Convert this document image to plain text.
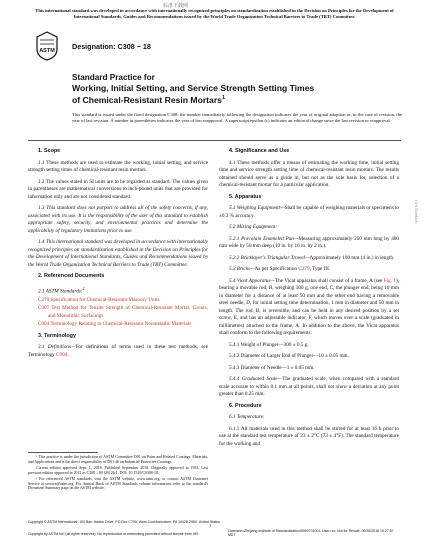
标准下载网
This international standard was developed in accordance with internationally recognized principles on standardization established in the Decision on Principles for the Development of International Standards, Guides and Recommendations issued by the World Trade Organization Technical Barriers to Trade (TBT) Committee.
ASTM Designation: C308 − 18
Standard Practice for
Working, Initial Setting, and Service Strength Setting Times
of Chemical-Resistant Resin Mortars$^1$
This standard is issued under the fixed designation C308; the number immediately following the designation indicates the year of original adoption or, in the case of revision, the year of last revision. A number in parentheses indicates the year of last reapproval. A superscript epsilon (ε) indicates an editorial change since the last revision or reapproval.
1. Scope

1.1 These methods are used to estimate the working, initial setting, and service strength setting times of chemical-resistant resin mortars.

1.2 The values stated in SI units are to be regarded as standard. The values given in parentheses are mathematical conversions to inch-pound units that are provided for information only and are not considered standard.

1.3 This standard does not purport to address all of the safety concerns, if any, associated with its use. It is the responsibility of the user of this standard to establish appropriate safety, security, and environmental practices and determine the applicability of regulatory limitations prior to use.

1.4 This international standard was developed in accordance with internationally recognized principles on standardization established in the Decision on Principles for the Development of International Standards, Guides and Recommendations issued by the World Trade Organization Technical Barriers to Trade (TBT) Committee.

2. Referenced Documents

2.1 ASTM Standards:$^2$

C279 Specification for Chemical-Resistant Masonry Units
C307 Test Method for Tensile Strength of Chemical-Resistant Mortar, Grouts, and Monolithic Surfacings
C904 Terminology Relating to Chemical-Resistant Nonmetallic Materials
3. Terminology

3.1 Definitions—For definitions of terms used in these test methods, see Terminology C904.

¹ This practice is under the jurisdiction of ASTM Committee D01 on Paint and Related Coatings, Materials, and Applications and is the direct responsibility of D01.46 on Industrial Protective Coatings.

Current edition approved Sept. 1, 2018. Published September 2018. Originally approved in 1953. Last previous edition approved in 2012 as C308 – 00 (2012)ε1. DOI: 10.1520/C0308-18.

² For referenced ASTM standards, visit the ASTM website, www.astm.org, or contact ASTM Customer Service at service@astm.org. For Annual Book of ASTM Standards volume information, refer to the standard's Document Summary page on the ASTM website.

4. Significance and Use

4.1 These methods offer a means of estimating the working time, initial setting time and service strength setting time of chemical-resistant resin mortars. The results obtained should serve as a guide in, but not as the sole basis for, selection of a chemical-resistant mortar for a particular application.

5. Apparatus

5.1 Weighing Equipment—Shall be capable of weighing materials or specimens to ±0.3 % accuracy.

5.2 Mixing Equipment:

5.2.1 Porcelain Enameled Pan—Measuring approximately 250 mm long by 400 mm wide by 50 mm deep (10 in. by 16 in. by 2 in.).

5.2.2 Bricklayer's Triangular Trowel—Approximately 100 mm (4 in.) in length.

5.3 Bricks—As per Specification C279, Type III.

5.4 Vicat Apparatus—The Vicat apparatus shall consist of a frame, A (see Fig. 1), bearing a movable rod, B, weighing 300 g, one end, C, the plunger end, being 10 mm in diameter for a distance of at least 50 mm and the other end having a removable steel needle, D, for initial setting time determination, 1 mm in diameter and 50 mm in length. The rod, B, is reversible, and can be held in any desired position by a set screw, E, and has an adjustable indicator, F, which moves over a scale (graduated in millimetres) attached to the frame, A. In addition to the above, the Vicat apparatus shall conform to the following requirements:

5.4.1 Weight of Plunger—300 ± 0.5 g.

5.4.2 Diameter of Larger End of Plunger—10 ± 0.05 mm.

5.4.3 Diameter of Needle—1 ± 0.05 mm.

5.4.4 Graduated Scale—The graduated scale, when compared with a standard scale accurate to within 0.1 mm at all points, shall not show a deviation at any point greater than 0.25 mm.

6. Procedure

6.1 Temperature:

6.1.1 All materials used in this method shall be stirred for at least 16 h prior to use at the standard test temperature of 23 ± 2°C (73 ± 4°F). The standard temperature for the working and

1
iTeh Standards
Copyright © ASTM International, 100 Barr Harbor Drive, PO Box C700, West Conshohocken, PA 19428-2959. United States
Licensee=Zhejiang Institute of Standardization/5990701001, User=xx, Not for Resale, 09/25/2018 19:27:57 MDT
Copyright by ASTM Int'l (all rights reserved); No reproduction or networking permitted without license from IHS
